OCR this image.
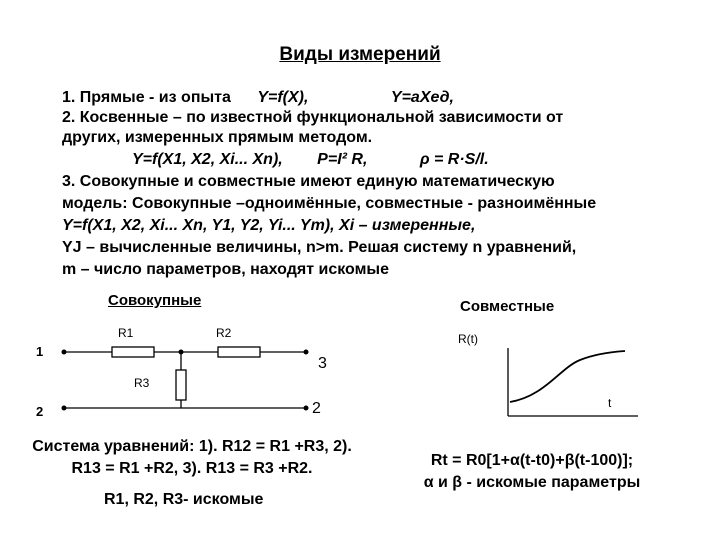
Виды измерений
1. Прямые - из опыта Y=f(X),	Y=aXед,
2. Косвенные – по известной функциональной зависимости от
других, измеренных прямым методом.
Y=f(X1, X2, Xi... Xn), P=I² R,	ρ = R·S/l.
3. Совокупные и совместные имеют единую математическую
модель: Совокупные –одноимённые, совместные - разноимённые
Y=f(X1, X2, Xi... Xn, Y1, Y2, Yi... Ym), Xi – измеренные,
YJ – вычисленные величины, n>m. Решая систему n уравнений,
m – число параметров, находят искомые
Совокупные
R1	R2
R3
1
2
3
2
Совместные
R(t)
t
Система уравнений: 1). R12 = R1 +R3, 2).
R13 = R1 +R2, 3). R13 = R3 +R2.
R1, R2, R3- искомые
Rt = R0[1+α(t-t0)+β(t-100)];
α и β - искомые параметры
